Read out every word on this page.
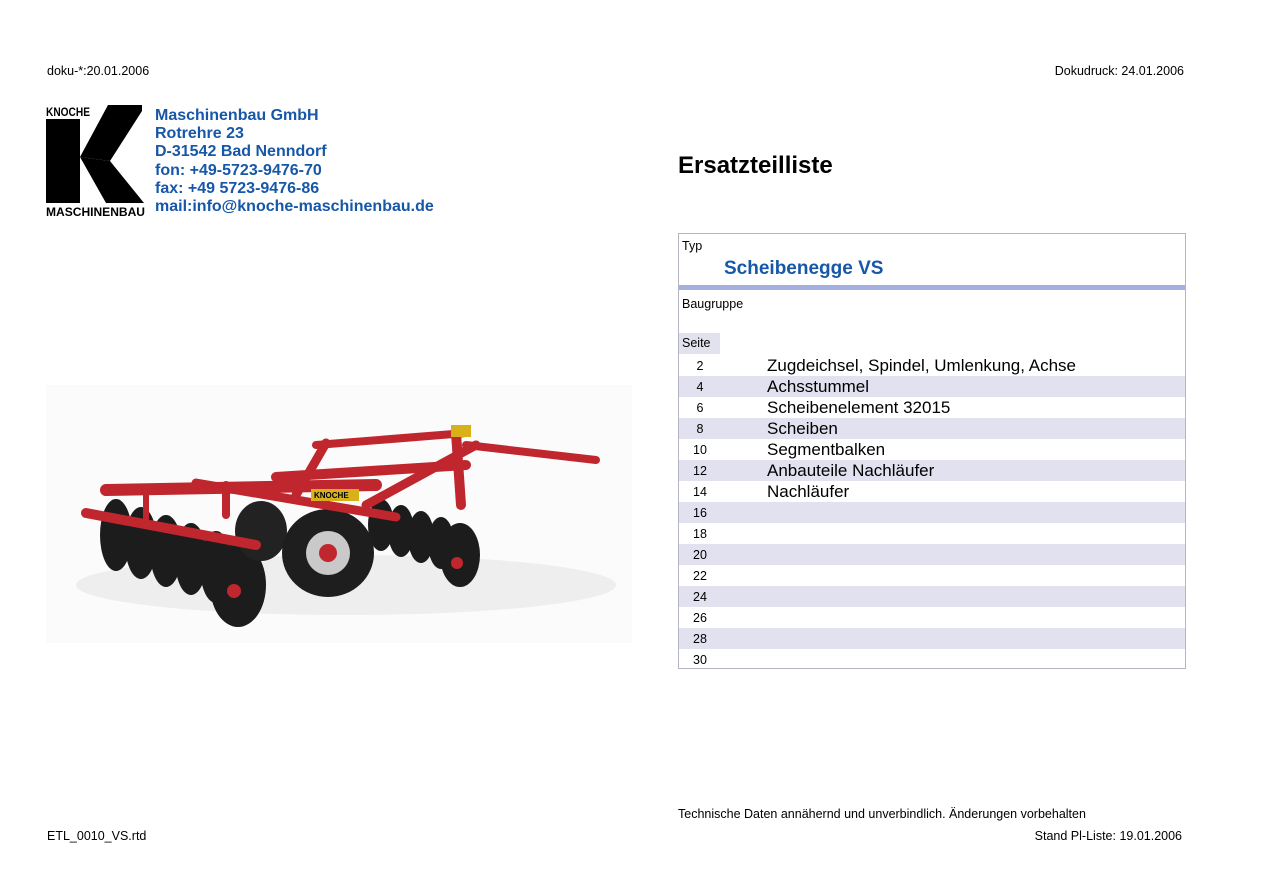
doku-*:20.01.2006	Dokudruck: 24.01.2006
KNOCHE
MASCHINENBAU
Maschinenbau GmbH
Rotrehre 23
D-31542 Bad Nenndorf
fon: +49-5723-9476-70
fax: +49 5723-9476-86
mail:info@knoche-maschinenbau.de
Ersatzteilliste
KNOCHE
Typ
Scheibenegge VS
Baugruppe
Seite
2	Zugdeichsel, Spindel, Umlenkung, Achse
4	Achsstummel
6	Scheibenelement 32015
8	Scheiben
10	Segmentbalken
12	Anbauteile Nachläufer
14	Nachläufer
16
18
20
22
24
26
28
30
Technische Daten annähernd und unverbindlich. Änderungen vorbehalten
ETL_0010_VS.rtd	Stand Pl-Liste: 19.01.2006
